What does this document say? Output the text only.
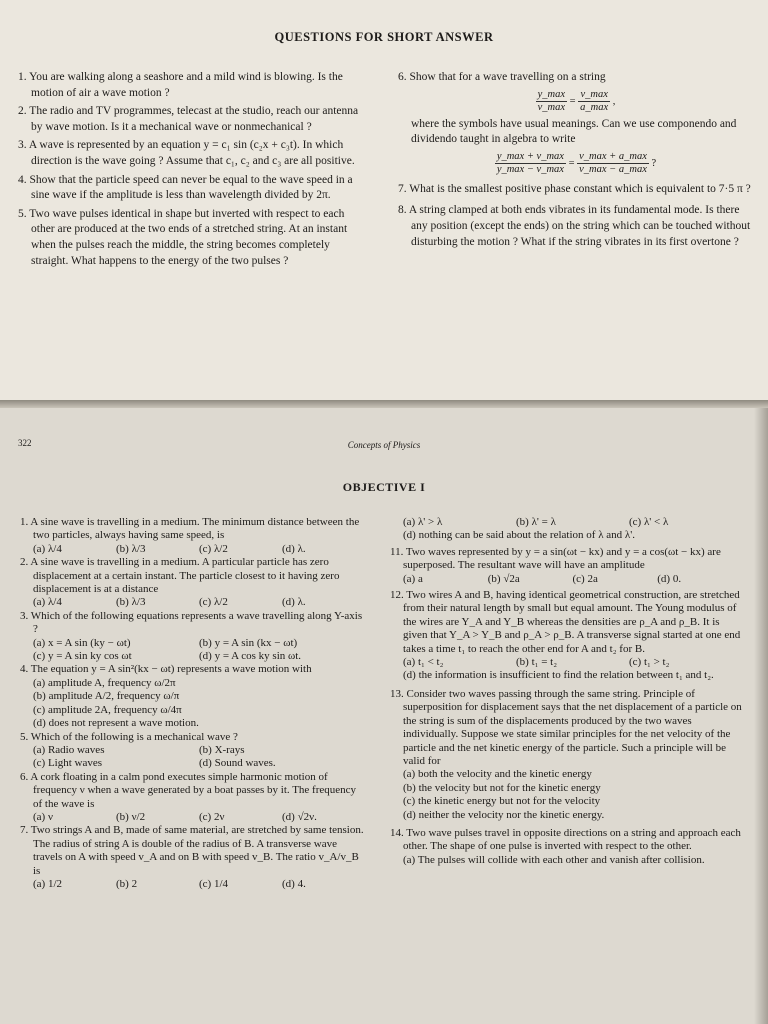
QUESTIONS FOR SHORT ANSWER

1. You are walking along a seashore and a mild wind is blowing. Is the motion of air a wave motion ?

2. The radio and TV programmes, telecast at the studio, reach our antenna by wave motion. Is it a mechanical wave or nonmechanical ?

3. A wave is represented by an equation y = c₁ sin (c₂x + c₃t). In which direction is the wave going ? Assume that c₁, c₂ and c₃ are all positive.

4. Show that the particle speed can never be equal to the wave speed in a sine wave if the amplitude is less than wavelength divided by 2π.

5. Two wave pulses identical in shape but inverted with respect to each other are produced at the two ends of a stretched string. At an instant when the pulses reach the middle, the string becomes completely straight. What happens to the energy of the two pulses ?

6. Show that for a wave travelling on a string

y_max
v_max
=
v_max
a_max
,

where the symbols have usual meanings. Can we use componendo and dividendo taught in algebra to write

y_max + v_max
y_max − v_max
=
v_max + a_max
v_max − a_max
?

7. What is the smallest positive phase constant which is equivalent to 7·5 π ?

8. A string clamped at both ends vibrates in its fundamental mode. Is there any position (except the ends) on the string which can be touched without disturbing the motion ? What if the string vibrates in its first overtone ?

322	Concepts of Physics
OBJECTIVE I

1. A sine wave is travelling in a medium. The minimum distance between the two particles, always having same speed, is

(a) λ/4	(b) λ/3	(c) λ/2	(d) λ.

2. A sine wave is travelling in a medium. A particular particle has zero displacement at a certain instant. The particle closest to it having zero displacement is at a distance

(a) λ/4	(b) λ/3	(c) λ/2	(d) λ.

3. Which of the following equations represents a wave travelling along Y-axis ?

(a) x = A sin (ky − ωt)	(b) y = A sin (kx − ωt)
(c) y = A sin ky cos ωt	(d) y = A cos ky sin ωt.

4. The equation y = A sin²(kx − ωt) represents a wave motion with

(a) amplitude A, frequency ω/2π
(b) amplitude A/2, frequency ω/π
(c) amplitude 2A, frequency ω/4π
(d) does not represent a wave motion.

5. Which of the following is a mechanical wave ?

(a) Radio waves	(b) X-rays
(c) Light waves	(d) Sound waves.

6. A cork floating in a calm pond executes simple harmonic motion of frequency ν when a wave generated by a boat passes by it. The frequency of the wave is

(a) ν	(b) ν/2	(c) 2ν	(d) √2ν.

7. Two strings A and B, made of same material, are stretched by same tension. The radius of string A is double of the radius of B. A transverse wave travels on A with speed v_A and on B with speed v_B. The ratio v_A/v_B is

(a) 1/2	(b) 2	(c) 1/4	(d) 4.
(a) λ' > λ	(b) λ' = λ	(c) λ' < λ
(d) nothing can be said about the relation of λ and λ'.

11. Two waves represented by y = a sin(ωt − kx) and y = a cos(ωt − kx) are superposed. The resultant wave will have an amplitude

(a) a	(b) √2a	(c) 2a	(d) 0.

12. Two wires A and B, having identical geometrical construction, are stretched from their natural length by small but equal amount. The Young modulus of the wires are Y_A and Y_B whereas the densities are ρ_A and ρ_B. It is given that Y_A > Y_B and ρ_A > ρ_B. A transverse signal started at one end takes a time t₁ to reach the other end for A and t₂ for B.

(a) t₁ < t₂	(b) t₁ = t₂	(c) t₁ > t₂
(d) the information is insufficient to find the relation between t₁ and t₂.

13. Consider two waves passing through the same string. Principle of superposition for displacement says that the net displacement of a particle on the string is sum of the displacements produced by the two waves individually. Suppose we state similar principles for the net velocity of the particle and the net kinetic energy of the particle. Such a principle will be valid for

(a) both the velocity and the kinetic energy
(b) the velocity but not for the kinetic energy
(c) the kinetic energy but not for the velocity
(d) neither the velocity nor the kinetic energy.

14. Two wave pulses travel in opposite directions on a string and approach each other. The shape of one pulse is inverted with respect to the other.

(a) The pulses will collide with each other and vanish after collision.
